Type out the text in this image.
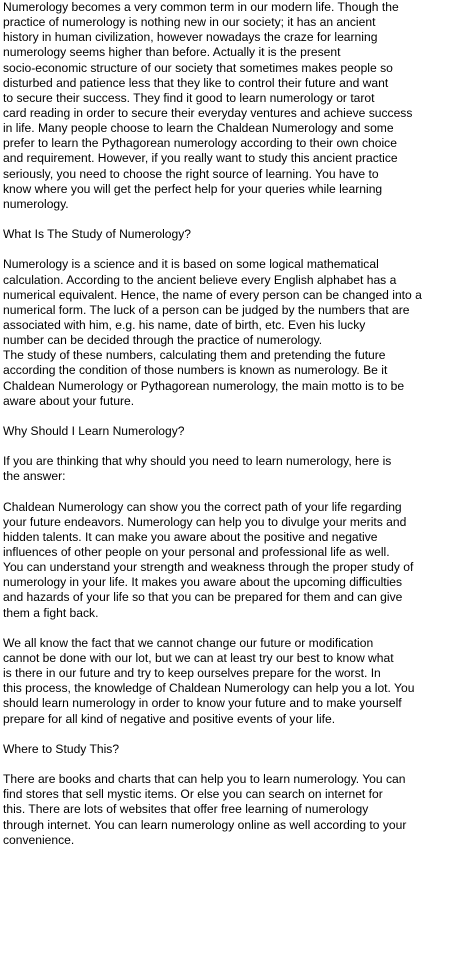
Numerology becomes a very common term in our modern life. Though the
practice of numerology is nothing new in our society; it has an ancient
history in human civilization, however nowadays the craze for learning
numerology seems higher than before. Actually it is the present
socio-economic structure of our society that sometimes makes people so
disturbed and patience less that they like to control their future and want
to secure their success. They find it good to learn numerology or tarot
card reading in order to secure their everyday ventures and achieve success
in life. Many people choose to learn the Chaldean Numerology and some
prefer to learn the Pythagorean numerology according to their own choice
and requirement. However, if you really want to study this ancient practice
seriously, you need to choose the right source of learning. You have to
know where you will get the perfect help for your queries while learning
numerology.
What Is The Study of Numerology?
Numerology is a science and it is based on some logical mathematical
calculation. According to the ancient believe every English alphabet has a
numerical equivalent. Hence, the name of every person can be changed into a
numerical form. The luck of a person can be judged by the numbers that are
associated with him, e.g. his name, date of birth, etc. Even his lucky
number can be decided through the practice of numerology.
The study of these numbers, calculating them and pretending the future
according the condition of those numbers is known as numerology. Be it
Chaldean Numerology or Pythagorean numerology, the main motto is to be
aware about your future.
Why Should I Learn Numerology?
If you are thinking that why should you need to learn numerology, here is
the answer:
Chaldean Numerology can show you the correct path of your life regarding
your future endeavors. Numerology can help you to divulge your merits and
hidden talents. It can make you aware about the positive and negative
influences of other people on your personal and professional life as well.
You can understand your strength and weakness through the proper study of
numerology in your life. It makes you aware about the upcoming difficulties
and hazards of your life so that you can be prepared for them and can give
them a fight back.
We all know the fact that we cannot change our future or modification
cannot be done with our lot, but we can at least try our best to know what
is there in our future and try to keep ourselves prepare for the worst. In
this process, the knowledge of Chaldean Numerology can help you a lot. You
should learn numerology in order to know your future and to make yourself
prepare for all kind of negative and positive events of your life.
Where to Study This?
There are books and charts that can help you to learn numerology. You can
find stores that sell mystic items. Or else you can search on internet for
this. There are lots of websites that offer free learning of numerology
through internet. You can learn numerology online as well according to your
convenience.
